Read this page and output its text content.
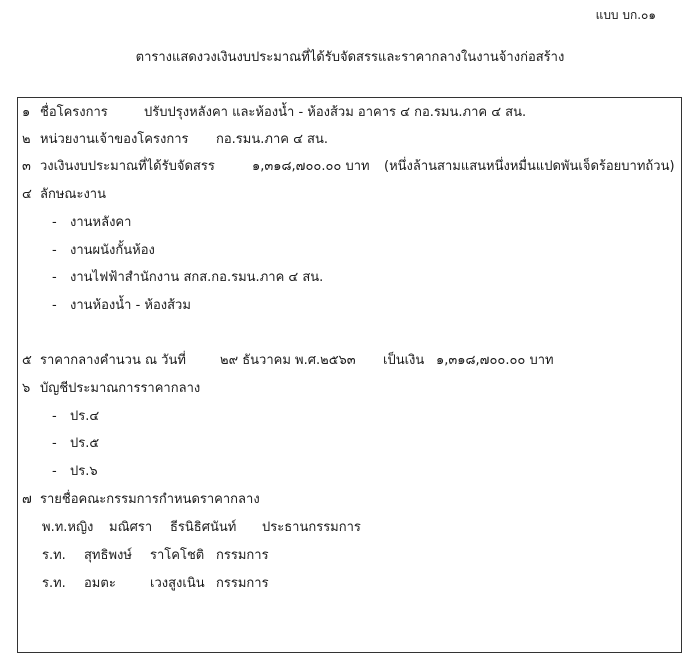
แบบ บก.๐๑
ตารางแสดงวงเงินงบประมาณที่ได้รับจัดสรรและราคากลางในงานจ้างก่อสร้าง
๑ ชื่อโครงการ	ปรับปรุงหลังคา และห้องน้ำ - ห้องส้วม อาคาร ๔ กอ.รมน.ภาค ๔ สน.
๒ หน่วยงานเจ้าของโครงการ กอ.รมน.ภาค ๔ สน.
๓ วงเงินงบประมาณที่ได้รับจัดสรร	๑,๓๑๘,๗๐๐.๐๐ บาท (หนึ่งล้านสามแสนหนึ่งหมื่นแปดพันเจ็ดร้อยบาทถ้วน)
๔ ลักษณะงาน
- งานหลังคา
- งานผนังกั้นห้อง
- งานไฟฟ้าสำนักงาน สกส.กอ.รมน.ภาค ๔ สน.
- งานห้องน้ำ - ห้องส้วม
๕ ราคากลางคำนวน ณ วันที่	๒๙ ธันวาคม พ.ศ.๒๕๖๓ เป็นเงิน ๑,๓๑๘,๗๐๐.๐๐ บาท
๖ บัญชีประมาณการราคากลาง
- ปร.๔
- ปร.๕
- ปร.๖
๗ รายชื่อคณะกรรมการกำหนดราคากลาง
พ.ท.หญิง มณิศรา ธีรนิธิศนันท์ ประธานกรรมการ
ร.ท. สุทธิพงษ์ ราโคโชติ กรรมการ
ร.ท. อมตะ	เวงสูงเนิน กรรมการ
